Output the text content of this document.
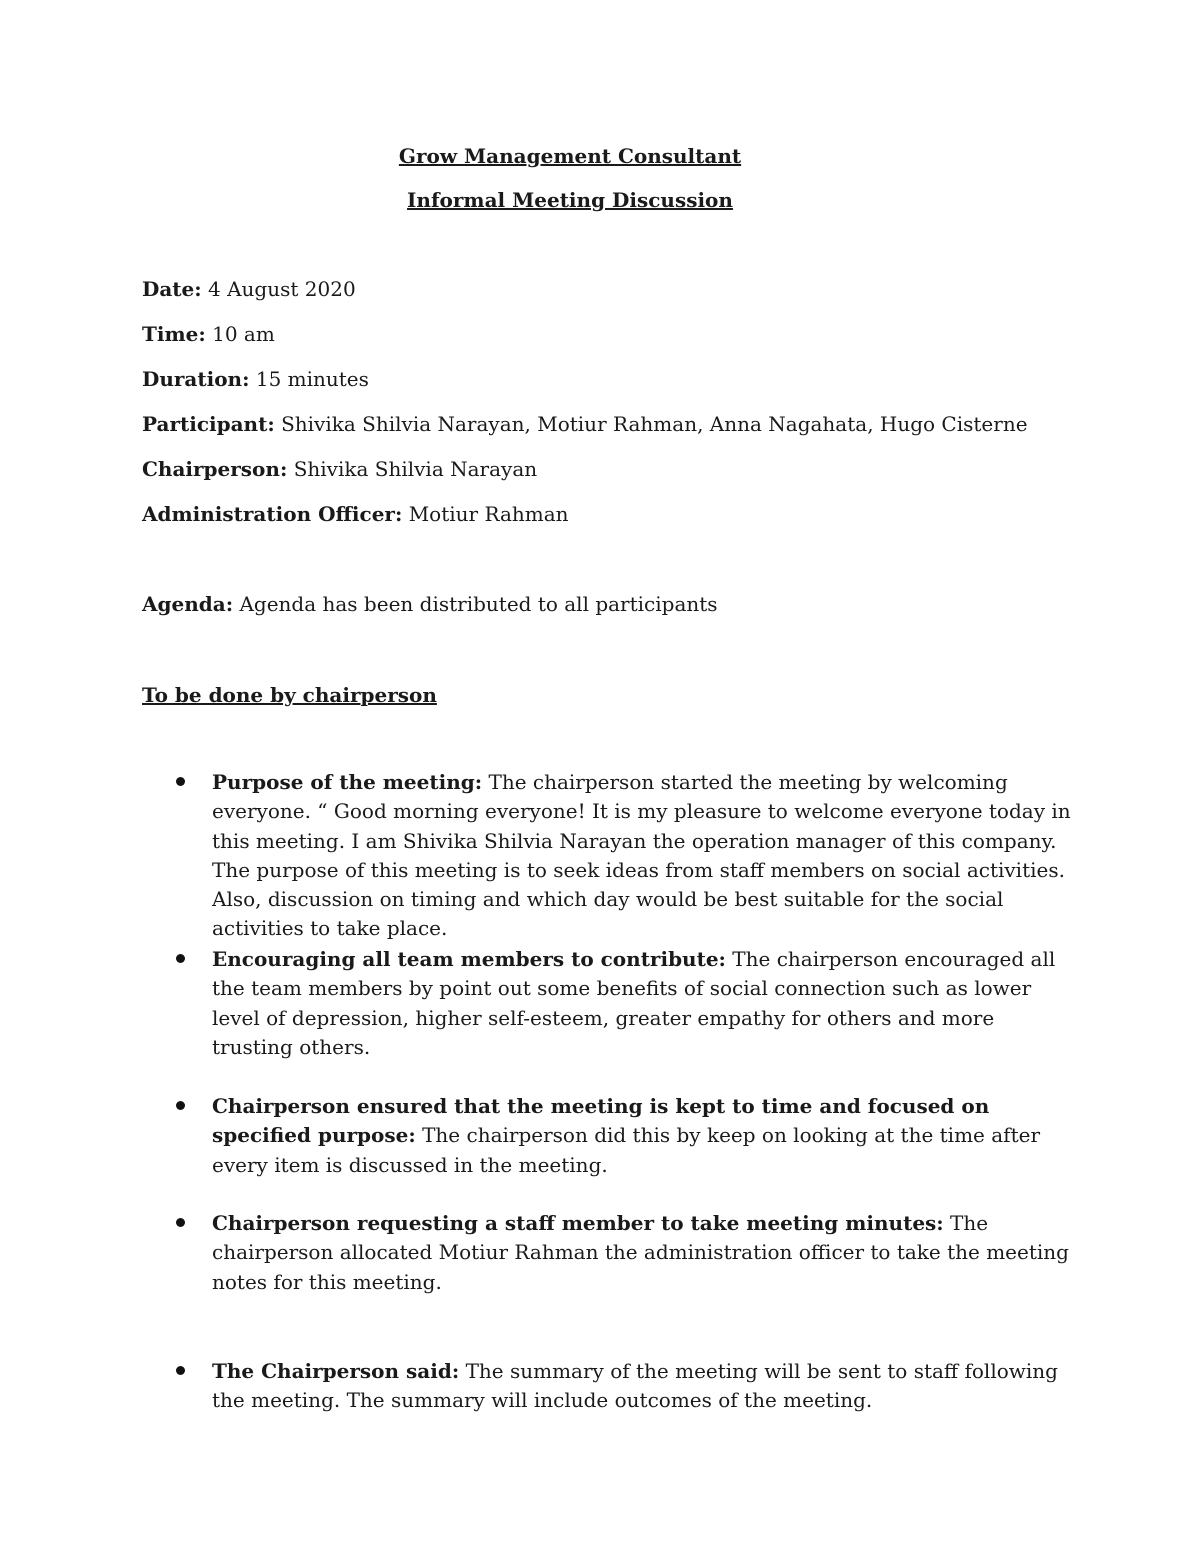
Grow Management Consultant
Informal Meeting Discussion
Date: 4 August 2020
Time: 10 am
Duration: 15 minutes
Participant: Shivika Shilvia Narayan, Motiur Rahman, Anna Nagahata, Hugo Cisterne
Chairperson: Shivika Shilvia Narayan
Administration Officer: Motiur Rahman
Agenda: Agenda has been distributed to all participants
To be done by chairperson
Purpose of the meeting: The chairperson started the meeting by welcoming everyone. “ Good morning everyone! It is my pleasure to welcome everyone today in this meeting. I am Shivika Shilvia Narayan the operation manager of this company. The purpose of this meeting is to seek ideas from staff members on social activities. Also, discussion on timing and which day would be best suitable for the social activities to take place.
Encouraging all team members to contribute: The chairperson encouraged all the team members by point out some benefits of social connection such as lower level of depression, higher self-esteem, greater empathy for others and more trusting others.
Chairperson ensured that the meeting is kept to time and focused on specified purpose: The chairperson did this by keep on looking at the time after every item is discussed in the meeting.
Chairperson requesting a staff member to take meeting minutes: The chairperson allocated Motiur Rahman the administration officer to take the meeting notes for this meeting.
The Chairperson said: The summary of the meeting will be sent to staff following the meeting. The summary will include outcomes of the meeting.
